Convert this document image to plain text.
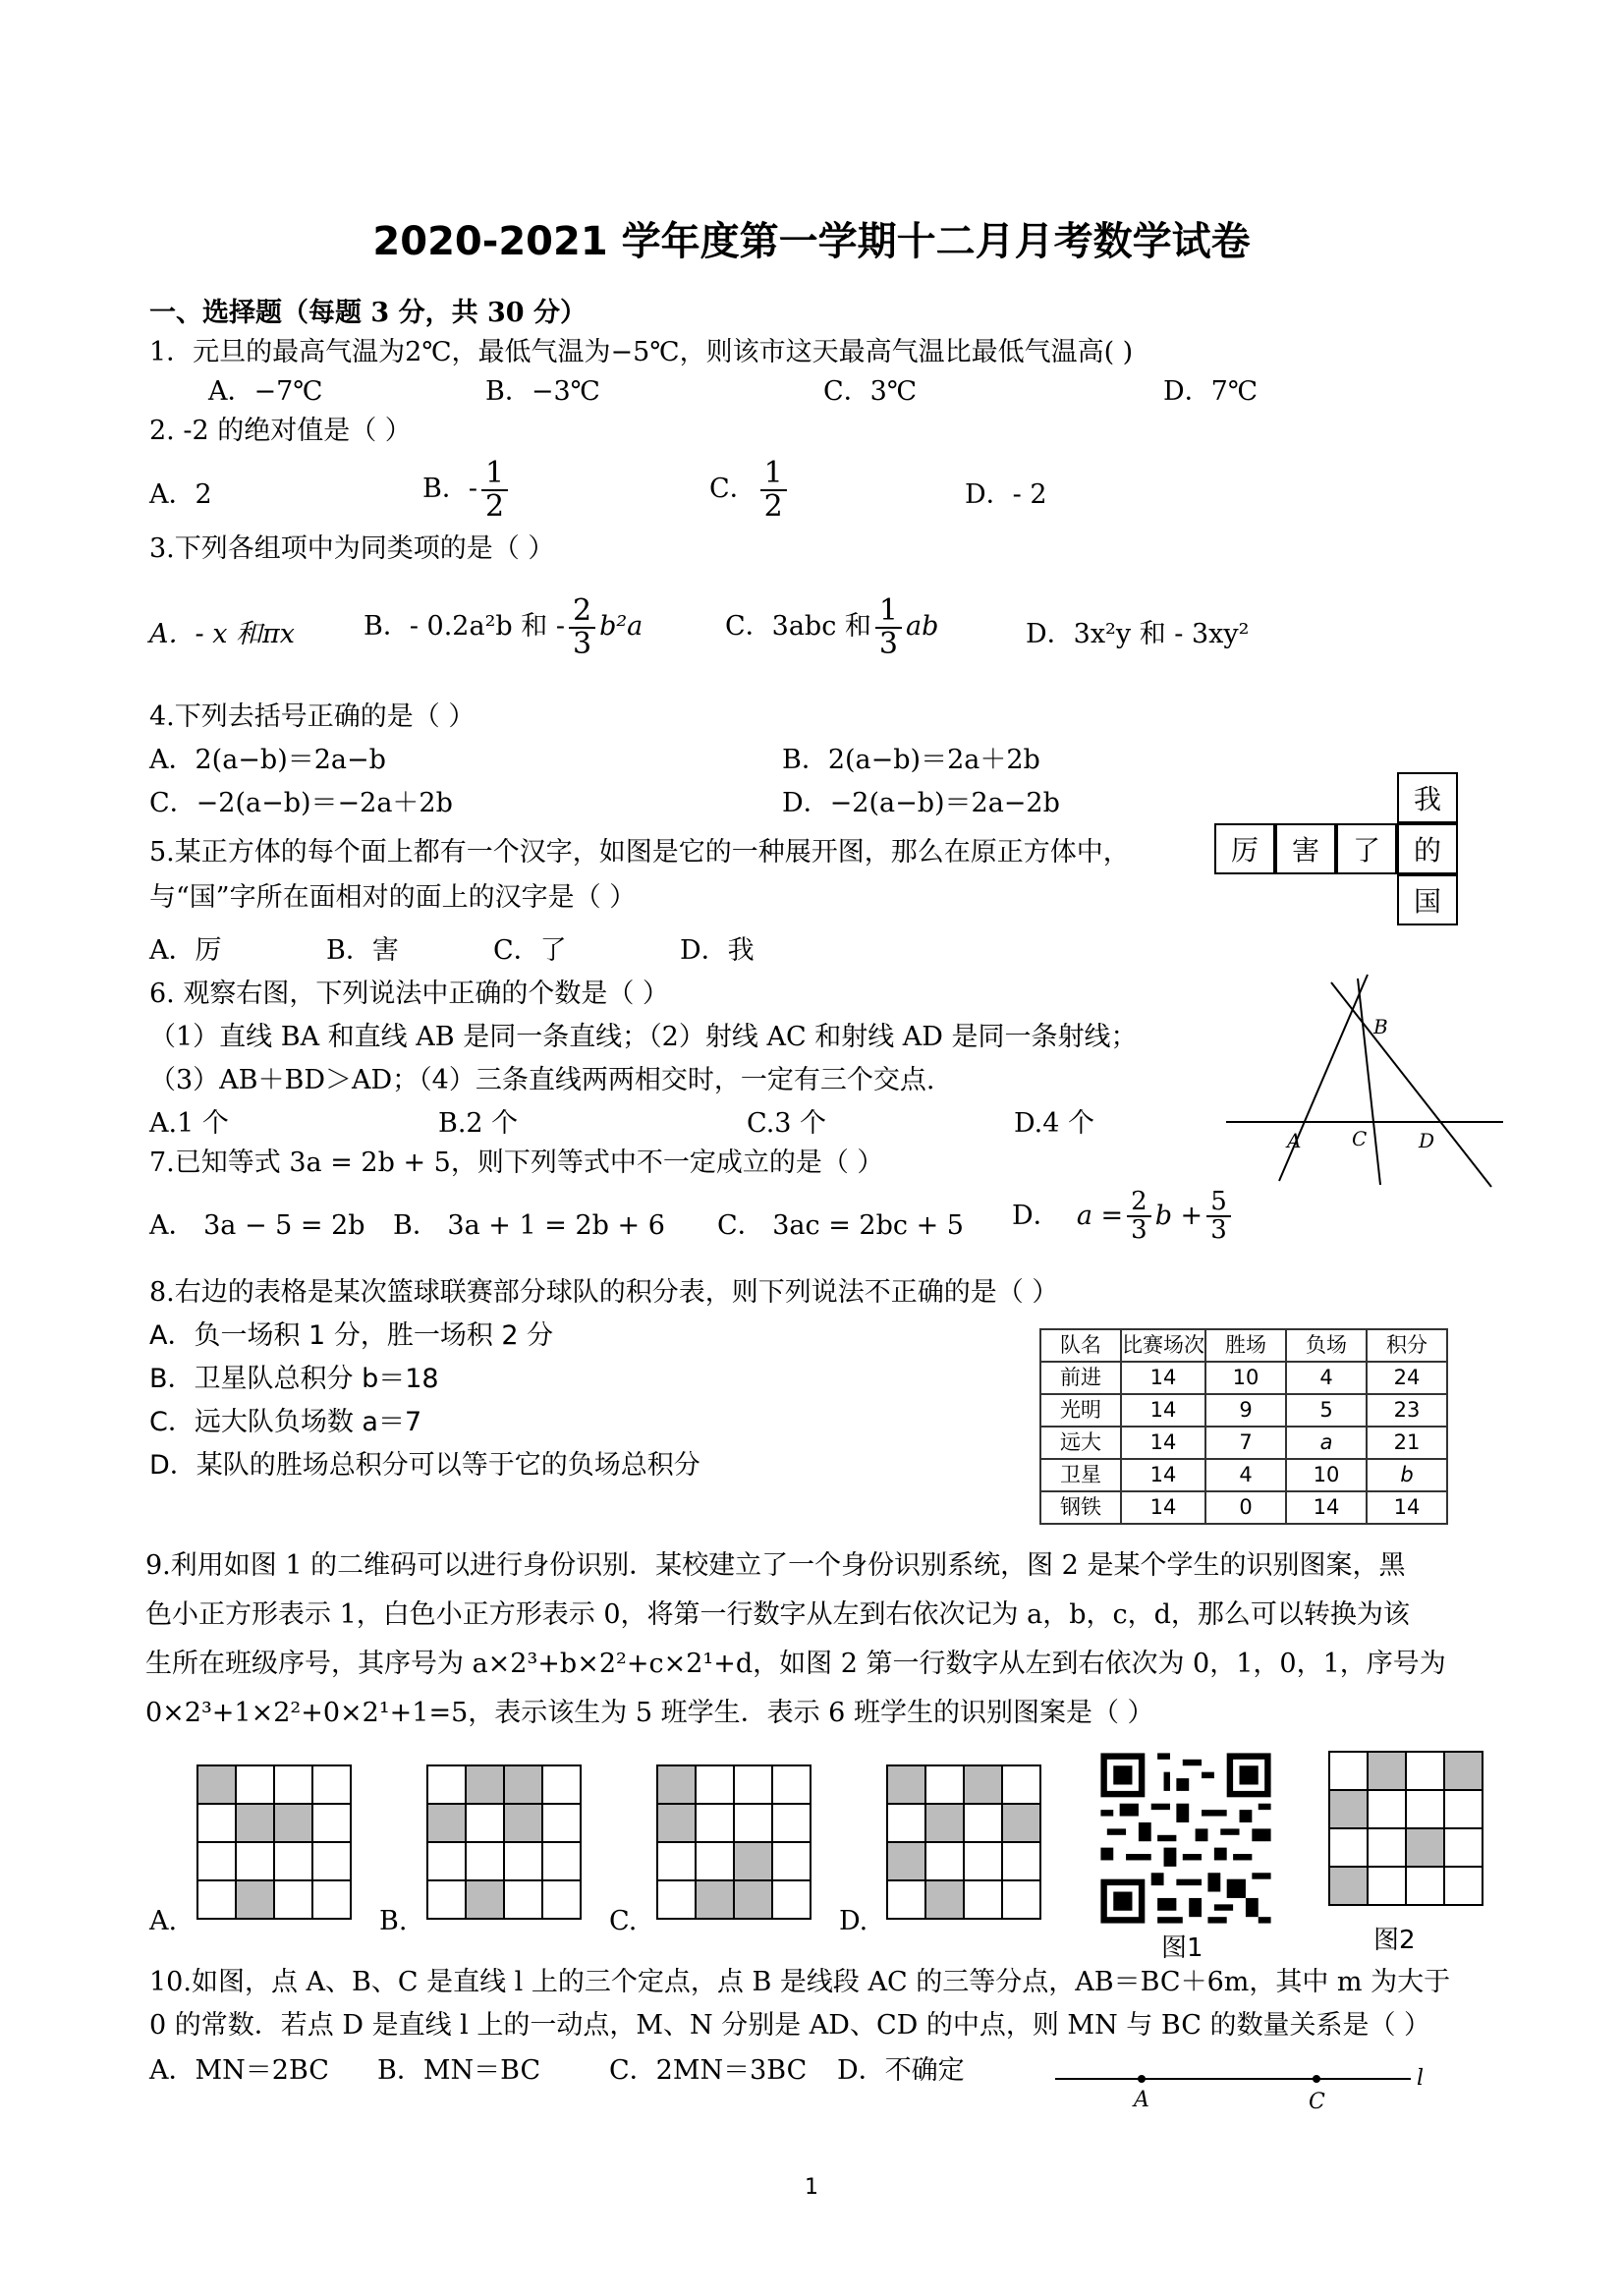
2020-2021 学年度第一学期十二月月考数学试卷
一、选择题（每题 3 分，共 30 分）
1．元旦的最高气温为2℃，最低气温为−5℃，则该市这天最高气温比最低气温高( )
A．−7℃	B．−3℃	C．3℃	D．7℃
2. -2 的绝对值是（ ）
A．2	B．- $\frac{1}{2}$	C． $\frac{1}{2}$	D．- 2
3.下列各组项中为同类项的是（ ）
A．- x 和πx	B．- 0.2a²b 和 - $\frac{2}{3} b^2a$	C．3abc 和 $\frac{1}{3}$ ab	D．3x²y 和 - 3xy²
4.下列去括号正确的是（ ）
A．2(a−b)＝2a−b	B．2(a−b)＝2a＋2b
C．−2(a−b)＝−2a＋2b	D．−2(a−b)＝2a−2b
5.某正方体的每个面上都有一个汉字，如图是它的一种展开图，那么在原正方体中，
与“国”字所在面相对的面上的汉字是（ ）
A．厉	B．害	C．了	D．我
厉	害	了
我
的
国
6. 观察右图，下列说法中正确的个数是（ ）
（1）直线 BA 和直线 AB 是同一条直线；（2）射线 AC 和射线 AD 是同一条射线；
（3）AB＋BD＞AD；（4）三条直线两两相交时，一定有三个交点.
A.1 个	B.2 个	C.3 个	D.4 个
A
B
C	D
7.已知等式 3a = 2b + 5，则下列等式中不一定成立的是（ ）
A． 3a − 5 = 2b B． 3a + 1 = 2b + 6 C． 3ac = 2bc + 5 D． $a = \frac{2}{3}$ $b + \frac{5}{3}$
8.右边的表格是某次篮球联赛部分球队的积分表，则下列说法不正确的是（ ）
A．负一场积 1 分，胜一场积 2 分
B．卫星队总积分 b＝18
C．远大队负场数 a＝7
D．某队的胜场总积分可以等于它的负场总积分
队名	比赛场次	胜场	负场	积分
前进	14	10	4	24
光明	14	9	5	23
远大	14	7	a	21
卫星	14	4	10	b
钢铁	14	0	14	14
9.利用如图 1 的二维码可以进行身份识别．某校建立了一个身份识别系统，图 2 是某个学生的识别图案，黑
色小正方形表示 1，白色小正方形表示 0，将第一行数字从左到右依次记为 a，b，c，d，那么可以转换为该
生所在班级序号，其序号为 a×2³+b×2²+c×2¹+d，如图 2 第一行数字从左到右依次为 0，1，0，1，序号为
0×2³+1×2²+0×2¹+1=5，表示该生为 5 班学生．表示 6 班学生的识别图案是（ ）
A.	B.	C.	D.
图1	图2
10.如图，点 A、B、C 是直线 l 上的三个定点，点 B 是线段 AC 的三等分点，AB＝BC＋6m，其中 m 为大于
0 的常数．若点 D 是直线 l 上的一动点，M、N 分别是 AD、CD 的中点，则 MN 与 BC 的数量关系是（ ）
A．MN＝2BC B．MN＝BC	C．2MN＝3BC D．不确定
A	C
l
1
